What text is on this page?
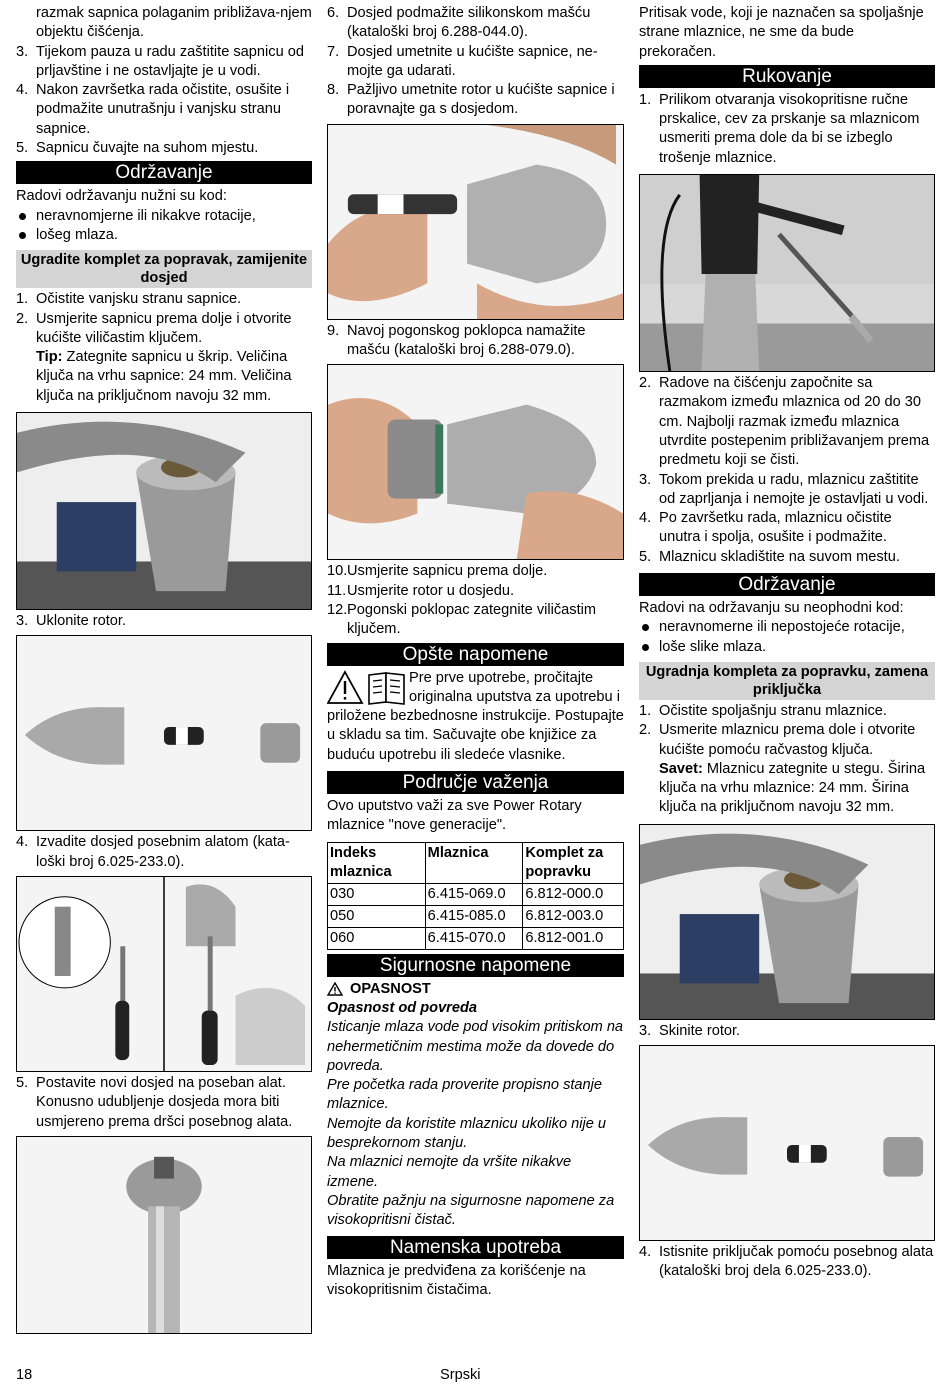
razmak sapnica polaganim približava-njem objektu čišćenja.

3. Tijekom pauza u radu zaštitite sapnicu od prljavštine i ne ostavljajte je u vodi.
4. Nakon završetka rada očistite, osušite i podmažite unutrašnju i vanjsku stranu sapnice.
5. Sapnicu čuvajte na suhom mjestu.
Održavanje

Radovi održavanju nužni su kod:

neravnomjerne ili nikakve rotacije,
lošeg mlaza.
Ugradite komplet za popravak, zamijenite dosjed
1. Očistite vanjsku stranu sapnice.
2. Usmjerite sapnicu prema dolje i otvorite kućište viličastim ključem.
Tip: Zategnite sapnicu u škrip. Veličina ključa na vrhu sapnice: 24 mm. Veličina ključa na priključnom navoju 32 mm.
3. Uklonite rotor.
4. Izvadite dosjed posebnim alatom (kata-loški broj 6.025-233.0).
5. Postavite novi dosjed na poseban alat. Konusno udubljenje dosjeda mora biti usmjereno prema dršci posebnog alata.
6. Dosjed podmažite silikonskom mašću (kataloški broj 6.288-044.0).
7. Dosjed umetnite u kućište sapnice, ne-mojte ga udarati.
8. Pažljivo umetnite rotor u kućište sapnice i poravnajte ga s dosjedom.
9. Navoj pogonskog poklopca namažite mašću (kataloški broj 6.288-079.0).
10. Usmjerite sapnicu prema dolje.
11. Usmjerite rotor u dosjedu.
12. Pogonski poklopac zategnite viličastim ključem.
Opšte napomene
Pre prve upotrebe, pročitajte originalna uputstva za upotrebu i priložene bezbednosne instrukcije. Postupajte u skladu sa tim. Sačuvajte obe knjižice za buduću upotrebu ili sledeće vlasnike.
Područje važenja

Ovo uputstvo važi za sve Power Rotary mlaznice "nove generacije".

Indeks mlaznica	Mlaznica	Komplet za popravku
030	6.415-069.0	6.812-000.0
050	6.415-085.0	6.812-003.0
060	6.415-070.0	6.812-001.0
Sigurnosne napomene
OPASNOST

Opasnost od povreda

Isticanje mlaza vode pod visokim pritiskom na nehermetičnim mestima može da dovede do povreda.

Pre početka rada proverite propisno stanje mlaznice.

Nemojte da koristite mlaznicu ukoliko nije u besprekornom stanju.

Na mlaznici nemojte da vršite nikakve izmene.

Obratite pažnju na sigurnosne napomene za visokopritisni čistač.

Namenska upotreba

Mlaznica je predviđena za korišćenje na visokopritisnim čistačima.

Pritisak vode, koji je naznačen sa spoljašnje strane mlaznice, ne sme da bude prekoračen.

Rukovanje
1. Prilikom otvaranja visokopritisne ručne prskalice, cev za prskanje sa mlaznicom usmeriti prema dole da bi se izbeglo trošenje mlaznice.
2. Radove na čišćenju započnite sa razmakom između mlaznica od 20 do 30 cm. Najbolji razmak između mlaznica utvrdite postepenim približavanjem prema predmetu koji se čisti.
3. Tokom prekida u radu, mlaznicu zaštitite od zaprljanja i nemojte je ostavljati u vodi.
4. Po završetku rada, mlaznicu očistite unutra i spolja, osušite i podmažite.
5. Mlaznicu skladištite na suvom mestu.
Održavanje

Radovi na održavanju su neophodni kod:

neravnomerne ili nepostojeće rotacije,
loše slike mlaza.
Ugradnja kompleta za popravku, zamena priključka
1. Očistite spoljašnju stranu mlaznice.
2. Usmerite mlaznicu prema dole i otvorite kućište pomoću račvastog ključa.
Savet: Mlaznicu zategnite u stegu. Širina ključa na vrhu mlaznice: 24 mm. Širina ključa na priključnom navoju 32 mm.
3. Skinite rotor.
4. Istisnite priključak pomoću posebnog alata (kataloški broj dela 6.025-233.0).
18	Srpski
